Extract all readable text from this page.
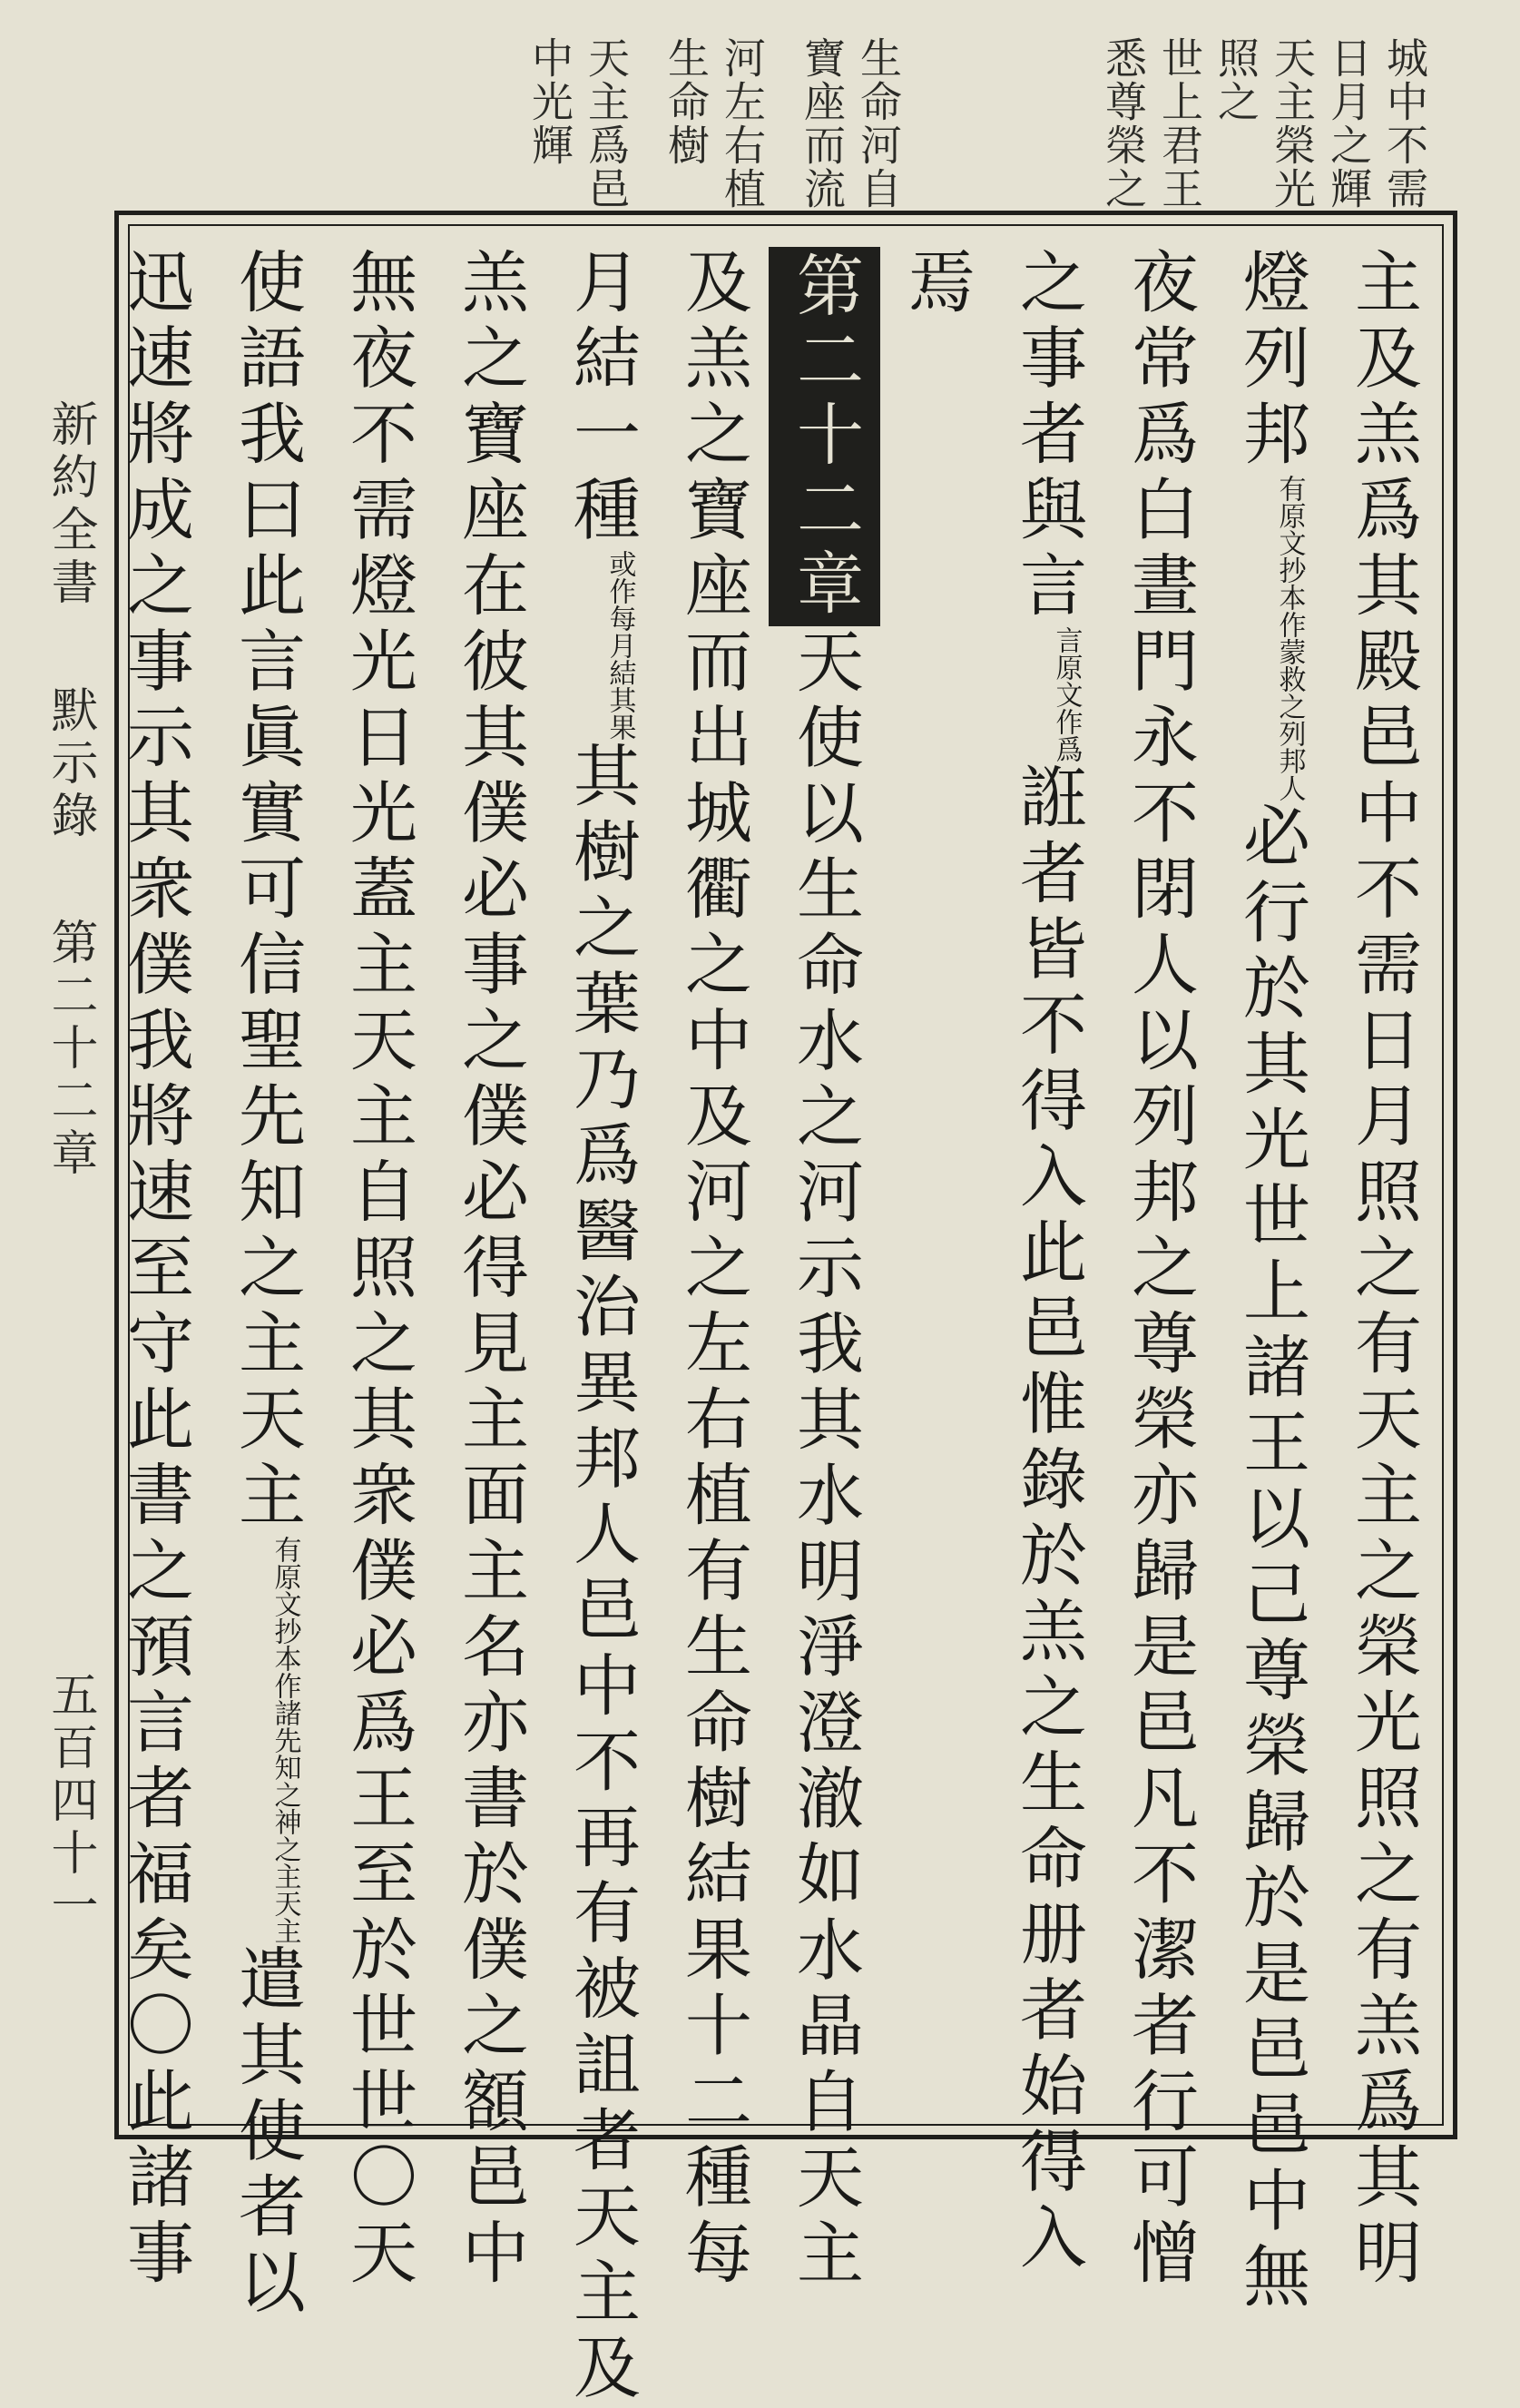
城中不需
日月之輝
天主榮光
照之
世上君王
悉尊榮之
生命河自
寶座而流
河左右植
生命樹
天主爲邑
中光輝
主及羔爲其殿邑中不需日月照之有天主之榮光照之有羔爲其明
燈列邦有原文抄本作蒙救之列邦人必行於其光世上諸王以己尊榮歸於是邑邑中無
夜常爲白晝門永不閉人以列邦之尊榮亦歸是邑凡不潔者行可憎
之事者與言言原文作爲誑者皆不得入此邑惟錄於羔之生命册者始得入
焉
第二十二章天使以生命水之河示我其水明淨澄澈如水晶自天主
及羔之寶座而出城衢之中及河之左右植有生命樹結果十二種每
月結一種或作每月結其果其樹之葉乃爲醫治異邦人邑中不再有被詛者天主及
羔之寶座在彼其僕必事之僕必得見主面主名亦書於僕之額邑中
無夜不需燈光日光蓋主天主自照之其衆僕必爲王至於世世〇天
使語我曰此言眞實可信聖先知之主天主有原文抄本作諸先知之神之主天主遣其使者以
迅速將成之事示其衆僕我將速至守此書之預言者福矣〇此諸事
新約全書 默示錄 第二十二章
五百四十一
